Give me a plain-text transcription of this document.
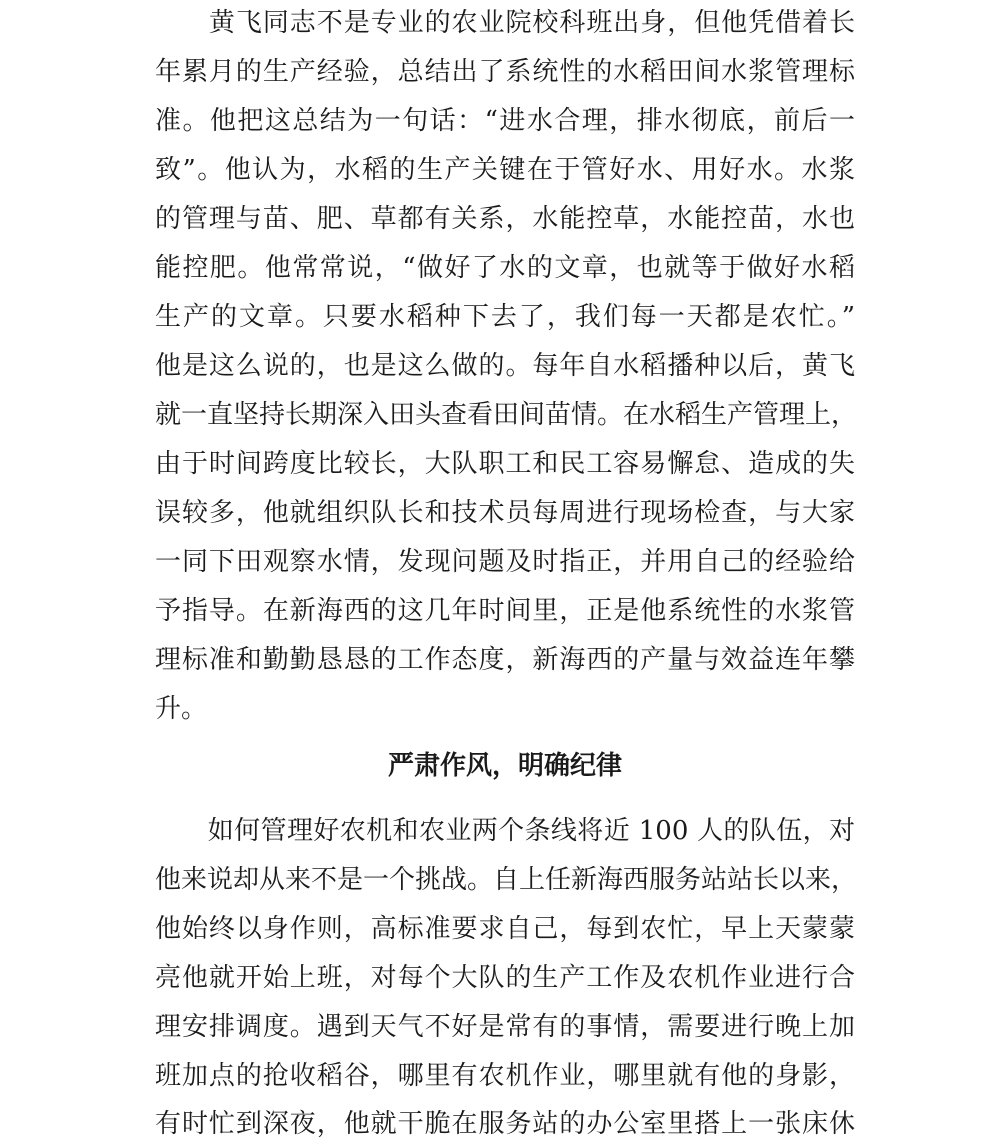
　　黄飞同志不是专业的农业院校科班出身，但他凭借着长
年累月的生产经验，总结出了系统性的水稻田间水浆管理标
准。他把这总结为一句话：“进水合理，排水彻底，前后一
致”。他认为，水稻的生产关键在于管好水、用好水。水浆
的管理与苗、肥、草都有关系，水能控草，水能控苗，水也
能控肥。他常常说，“做好了水的文章，也就等于做好水稻
生产的文章。只要水稻种下去了，我们每一天都是农忙。”
他是这么说的，也是这么做的。每年自水稻播种以后，黄飞
就一直坚持长期深入田头查看田间苗情。在水稻生产管理上，
由于时间跨度比较长，大队职工和民工容易懈怠、造成的失
误较多，他就组织队长和技术员每周进行现场检查，与大家
一同下田观察水情，发现问题及时指正，并用自己的经验给
予指导。在新海西的这几年时间里，正是他系统性的水浆管
理标准和勤勤恳恳的工作态度，新海西的产量与效益连年攀
升。
严肃作风，明确纪律
　　如何管理好农机和农业两个条线将近 100 人的队伍，对
他来说却从来不是一个挑战。自上任新海西服务站站长以来，
他始终以身作则，高标准要求自己，每到农忙，早上天蒙蒙
亮他就开始上班，对每个大队的生产工作及农机作业进行合
理安排调度。遇到天气不好是常有的事情，需要进行晚上加
班加点的抢收稻谷，哪里有农机作业，哪里就有他的身影，
有时忙到深夜，他就干脆在服务站的办公室里搭上一张床休
